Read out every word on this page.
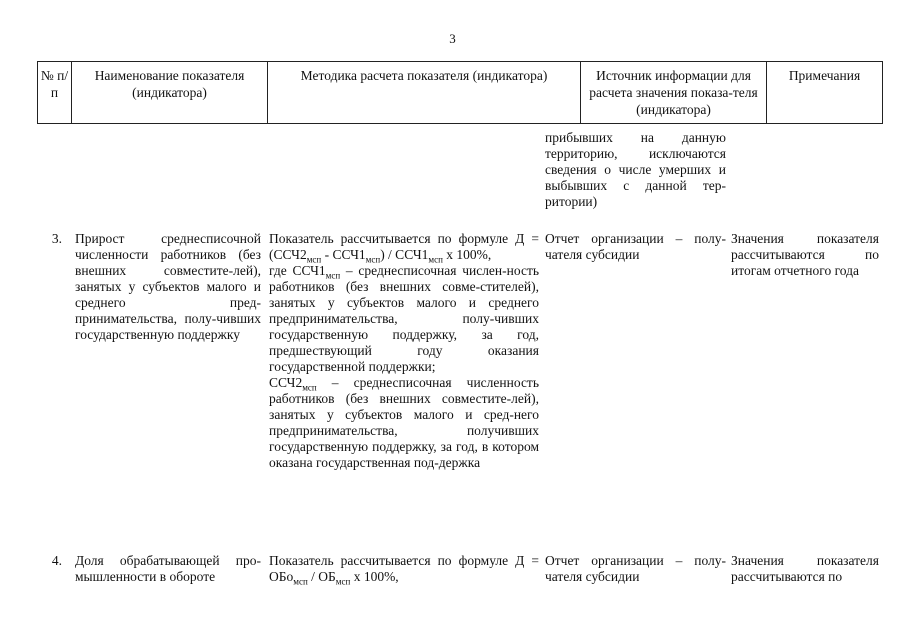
3
№ п/п
Наименование показателя (индикатора)
Методика расчета показателя (индикатора)	Источник информации для расчета значения показа-теля (индикатора)
Примечания
прибывших на данную территорию, исключаются сведения о числе умерших и выбывших с данной тер-ритории)
3. Прирост среднесписочной численности работников (без внешних совместите-лей), занятых у субъектов малого и среднего пред-принимательства, полу-чивших государственную поддержку
Показатель рассчитывается по формуле $Д = (ССЧ2_{мсп} - ССЧ1_{мсп}) / ССЧ1_{мсп}$ x 100%,
где $ССЧ1_{мсп}$ – среднесписочная числен-ность работников (без внешних совме-стителей), занятых у субъектов малого и среднего предпринимательства, полу-чивших государственную поддержку, за год, предшествующий году оказания государственной поддержки;
$ССЧ2_{мсп}$ – среднесписочная численность работников (без внешних совместите-лей), занятых у субъектов малого и сред-него предпринимательства, получивших государственную поддержку, за год, в котором оказана государственная под-держка
Отчет организации – полу-чателя субсидии
Значения показателя рассчитываются по итогам отчетного года
4. Доля обрабатывающей про-мышленности в обороте
Показатель рассчитывается по формуле $Д = ОБо_{мсп} / ОБ_{мсп}$ x 100%,
Отчет организации – полу-чателя субсидии
Значения показателя рассчитываются по
